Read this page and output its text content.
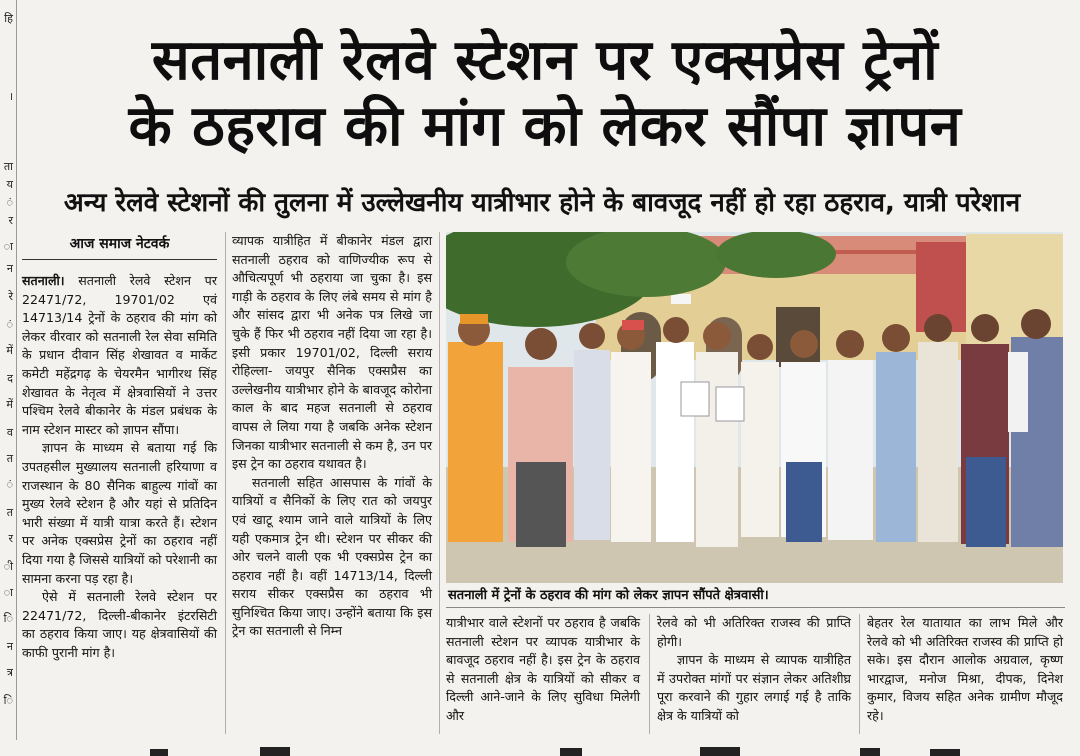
हि
।
ता
य
ं
र
ा
न
रे
ं
में
द
में
व
त
ं
त
र
ी
ा
ि
न
त्र
ि
सतनाली रेलवे स्टेशन पर एक्सप्रेस ट्रेनों
के ठहराव की मांग को लेकर सौंपा ज्ञापन
अन्य रेलवे स्टेशनों की तुलना में उल्लेखनीय यात्रीभार होने के बावजूद नहीं हो रहा ठहराव, यात्री परेशान
आज समाज नेटवर्क

सतनाली। सतनाली रेलवे स्टेशन पर 22471/72, 19701/02 एवं 14713/14 ट्रेनों के ठहराव की मांग को लेकर वीरवार को सतनाली रेल सेवा समिति के प्रधान दीवान सिंह शेखावत व मार्केट कमेटी महेंद्रगढ़ के चेयरमैन भागीरथ सिंह शेखावत के नेतृत्व में क्षेत्रवासियों ने उत्तर पश्चिम रेलवे बीकानेर के मंडल प्रबंधक के नाम स्टेशन मास्टर को ज्ञापन सौंपा।

ज्ञापन के माध्यम से बताया गई कि उपतहसील मुख्यालय सतनाली हरियाणा व राजस्थान के 80 सैनिक बाहुल्य गांवों का मुख्य रेलवे स्टेशन है और यहां से प्रतिदिन भारी संख्या में यात्री यात्रा करते हैं। स्टेशन पर अनेक एक्सप्रेस ट्रेनों का ठहराव नहीं दिया गया है जिससे यात्रियों को परेशानी का सामना करना पड़ रहा है।

ऐसे में सतनाली रेलवे स्टेशन पर 22471/72, दिल्ली-बीकानेर इंटरसिटी का ठहराव किया जाए। यह क्षेत्रवासियों की काफी पुरानी मांग है।

व्यापक यात्रीहित में बीकानेर मंडल द्वारा सतनाली ठहराव को वाणिज्यीक रूप से औचित्यपूर्ण भी ठहराया जा चुका है। इस गाड़ी के ठहराव के लिए लंबे समय से मांग है और सांसद द्वारा भी अनेक पत्र लिखे जा चुके हैं फिर भी ठहराव नहीं दिया जा रहा है। इसी प्रकार 19701/02, दिल्ली सराय रोहिल्ला- जयपुर सैनिक एक्सप्रैस का उल्लेखनीय यात्रीभार होने के बावजूद कोरोना काल के बाद महज सतनाली से ठहराव वापस ले लिया गया है जबकि अनेक स्टेशन जिनका यात्रीभार सतनाली से कम है, उन पर इस ट्रेन का ठहराव यथावत है।

सतनाली सहित आसपास के गांवों के यात्रियों व सैनिकों के लिए रात को जयपुर एवं खाटू श्याम जाने वाले यात्रियों के लिए यही एकमात्र ट्रेन थी। स्टेशन पर सीकर की ओर चलने वाली एक भी एक्सप्रेस ट्रेन का ठहराव नहीं है। वहीं 14713/14, दिल्ली सराय सीकर एक्सप्रैस का ठहराव भी सुनिश्चित किया जाए। उन्होंने बताया कि इस ट्रेन का सतनाली से निम्न

सतनाली में ट्रेनों के ठहराव की मांग को लेकर ज्ञापन सौंपते क्षेत्रवासी।

यात्रीभार वाले स्टेशनों पर ठहराव है जबकि सतनाली स्टेशन पर व्यापक यात्रीभार के बावजूद ठहराव नहीं है। इस ट्रेन के ठहराव से सतनाली क्षेत्र के यात्रियों को सीकर व दिल्ली आने-जाने के लिए सुविधा मिलेगी और

रेलवे को भी अतिरिक्त राजस्व की प्राप्ति होगी।

ज्ञापन के माध्यम से व्यापक यात्रीहित में उपरोक्त मांगों पर संज्ञान लेकर अतिशीघ्र पूरा करवाने की गुहार लगाई गई है ताकि क्षेत्र के यात्रियों को

बेहतर रेल यातायात का लाभ मिले और रेलवे को भी अतिरिक्त राजस्व की प्राप्ति हो सके। इस दौरान आलोक अग्रवाल, कृष्ण भारद्वाज, मनोज मिश्रा, दीपक, दिनेश कुमार, विजय सहित अनेक ग्रामीण मौजूद रहे।
